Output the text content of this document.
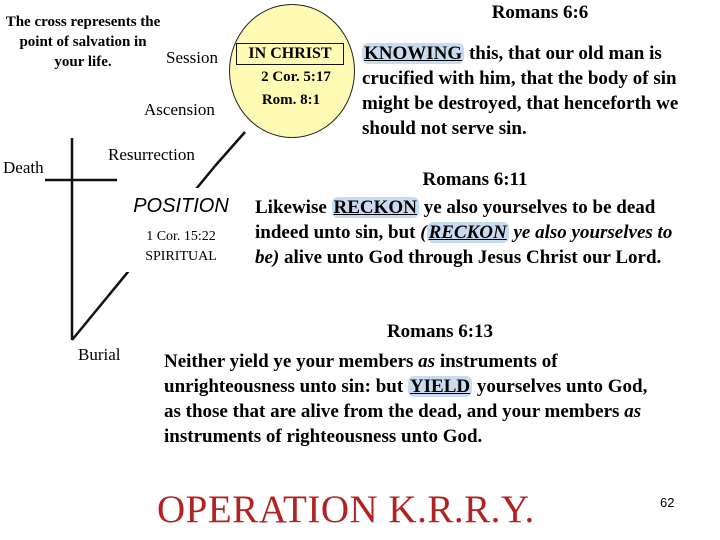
The cross represents the point of salvation in your life.
Death
Resurrection
Ascension
Session
Burial
IN CHRIST
2 Cor. 5:17
Rom. 8:1
POSITION
1 Cor. 15:22
SPIRITUAL
Romans 6:6
KNOWING this, that our old man is crucified with him, that the body of sin might be destroyed, that henceforth we should not serve sin.
Romans 6:11
Likewise RECKON ye also yourselves to be dead indeed unto sin, but ( RECKON ye also yourselves to be) alive unto God through Jesus Christ our Lord.
Romans 6:13
Neither yield ye your members as instruments of unrighteousness unto sin: but YIELD yourselves unto God, as those that are alive from the dead, and your members as instruments of righteousness unto God.
OPERATION K.R.R.Y.	62
